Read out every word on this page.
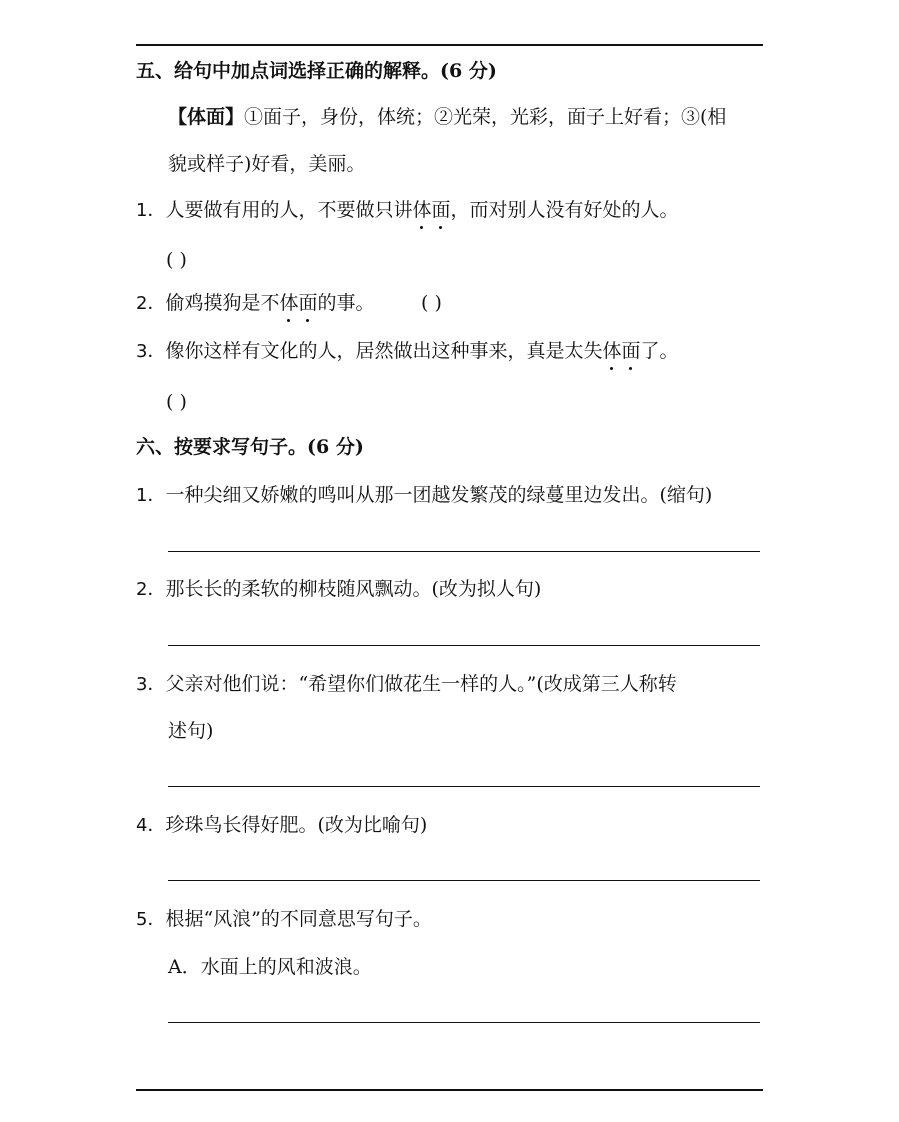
五、给句中加点词选择正确的解释。(6 分)
【体面】①面子，身份，体统；②光荣，光彩，面子上好看；③(相
貌或样子)好看，美丽。
1．人要做有用的人，不要做只讲体面，而对别人没有好处的人。
( )
2．偷鸡摸狗是不体面的事。 ( )
3．像你这样有文化的人，居然做出这种事来，真是太失体面了。
( )
六、按要求写句子。(6 分)
1．一种尖细又娇嫩的鸣叫从那一团越发繁茂的绿蔓里边发出。(缩句)
2．那长长的柔软的柳枝随风飘动。(改为拟人句)
3．父亲对他们说：“希望你们做花生一样的人。”(改成第三人称转
述句)
4．珍珠鸟长得好肥。(改为比喻句)
5．根据“风浪”的不同意思写句子。
A．水面上的风和波浪。
